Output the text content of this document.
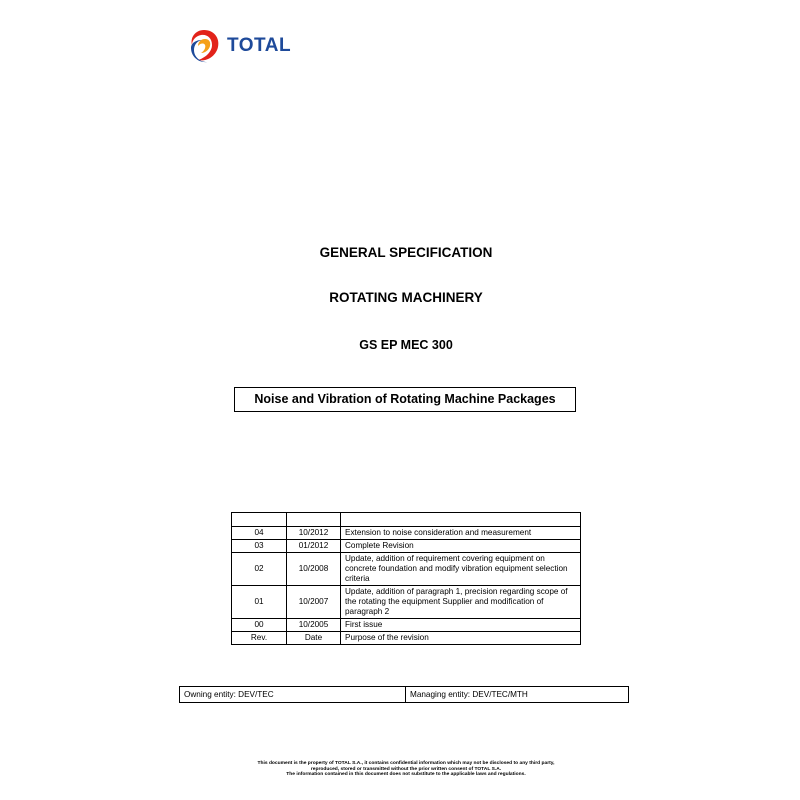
TOTAL
GENERAL SPECIFICATION
ROTATING MACHINERY
GS EP MEC 300
Noise and Vibration of Rotating Machine Packages

04	10/2012	Extension to noise consideration and measurement
03	01/2012	Complete Revision
02	10/2008	Update, addition of requirement covering equipment on concrete foundation and modify vibration equipment selection criteria
01	10/2007	Update, addition of paragraph 1, precision regarding scope of the rotating the equipment Supplier and modification of paragraph 2
00	10/2005	First issue
Rev.	Date	Purpose of the revision
Owning entity: DEV/TEC	Managing entity: DEV/TEC/MTH
This document is the property of TOTAL S.A., it contains confidential information which may not be disclosed to any third party,
reproduced, stored or transmitted without the prior written consent of TOTAL S.A.
The information contained in this document does not substitute to the applicable laws and regulations.
